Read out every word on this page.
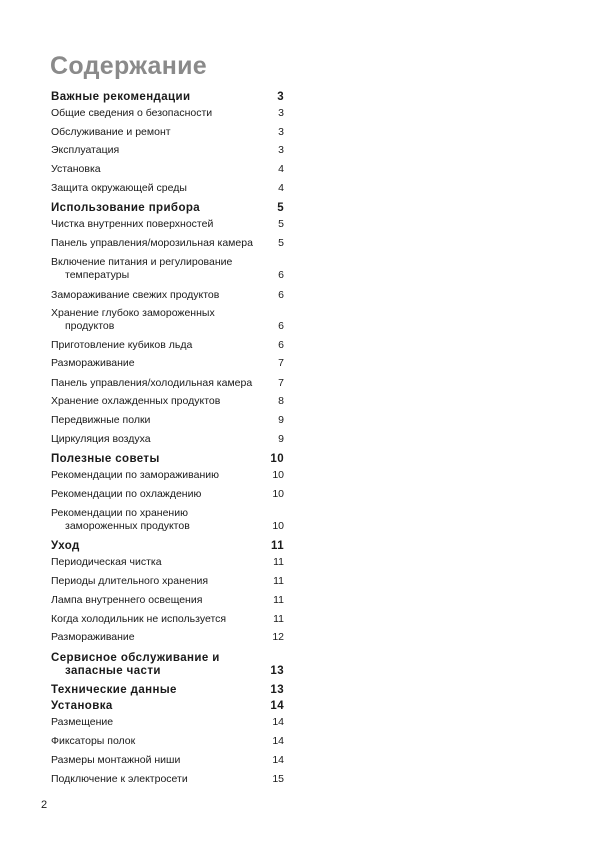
Содержание
Важные рекомендации	3
Общие сведения о безопасности	3
Обслуживание и ремонт	3
Эксплуатация	3
Установка	4
Защита окружающей среды	4
Использование прибора	5
Чистка внутренних поверхностей	5
Панель управления/морозильная камера	5
Включение питания и регулирование
температуры	6
Замораживание свежих продуктов	6
Хранение глубоко замороженных
продуктов	6
Приготовление кубиков льда	6
Размораживание	7
Панель управления/холодильная камера	7
Хранение охлажденных продуктов	8
Передвижные полки	9
Циркуляция воздуха	9
Полезные советы	10
Рекомендации по замораживанию	10
Рекомендации по охлаждению	10
Рекомендации по хранению
замороженных продуктов	10
Уход	11
Периодическая чистка	11
Периоды длительного хранения	11
Лампа внутреннего освещения	11
Когда холодильник не используется	11
Размораживание	12
Сервисное обслуживание и
запасные части	13
Технические данные	13
Установка	14
Размещение	14
Фиксаторы полок	14
Размеры монтажной ниши	14
Подключение к электросети	15
2
